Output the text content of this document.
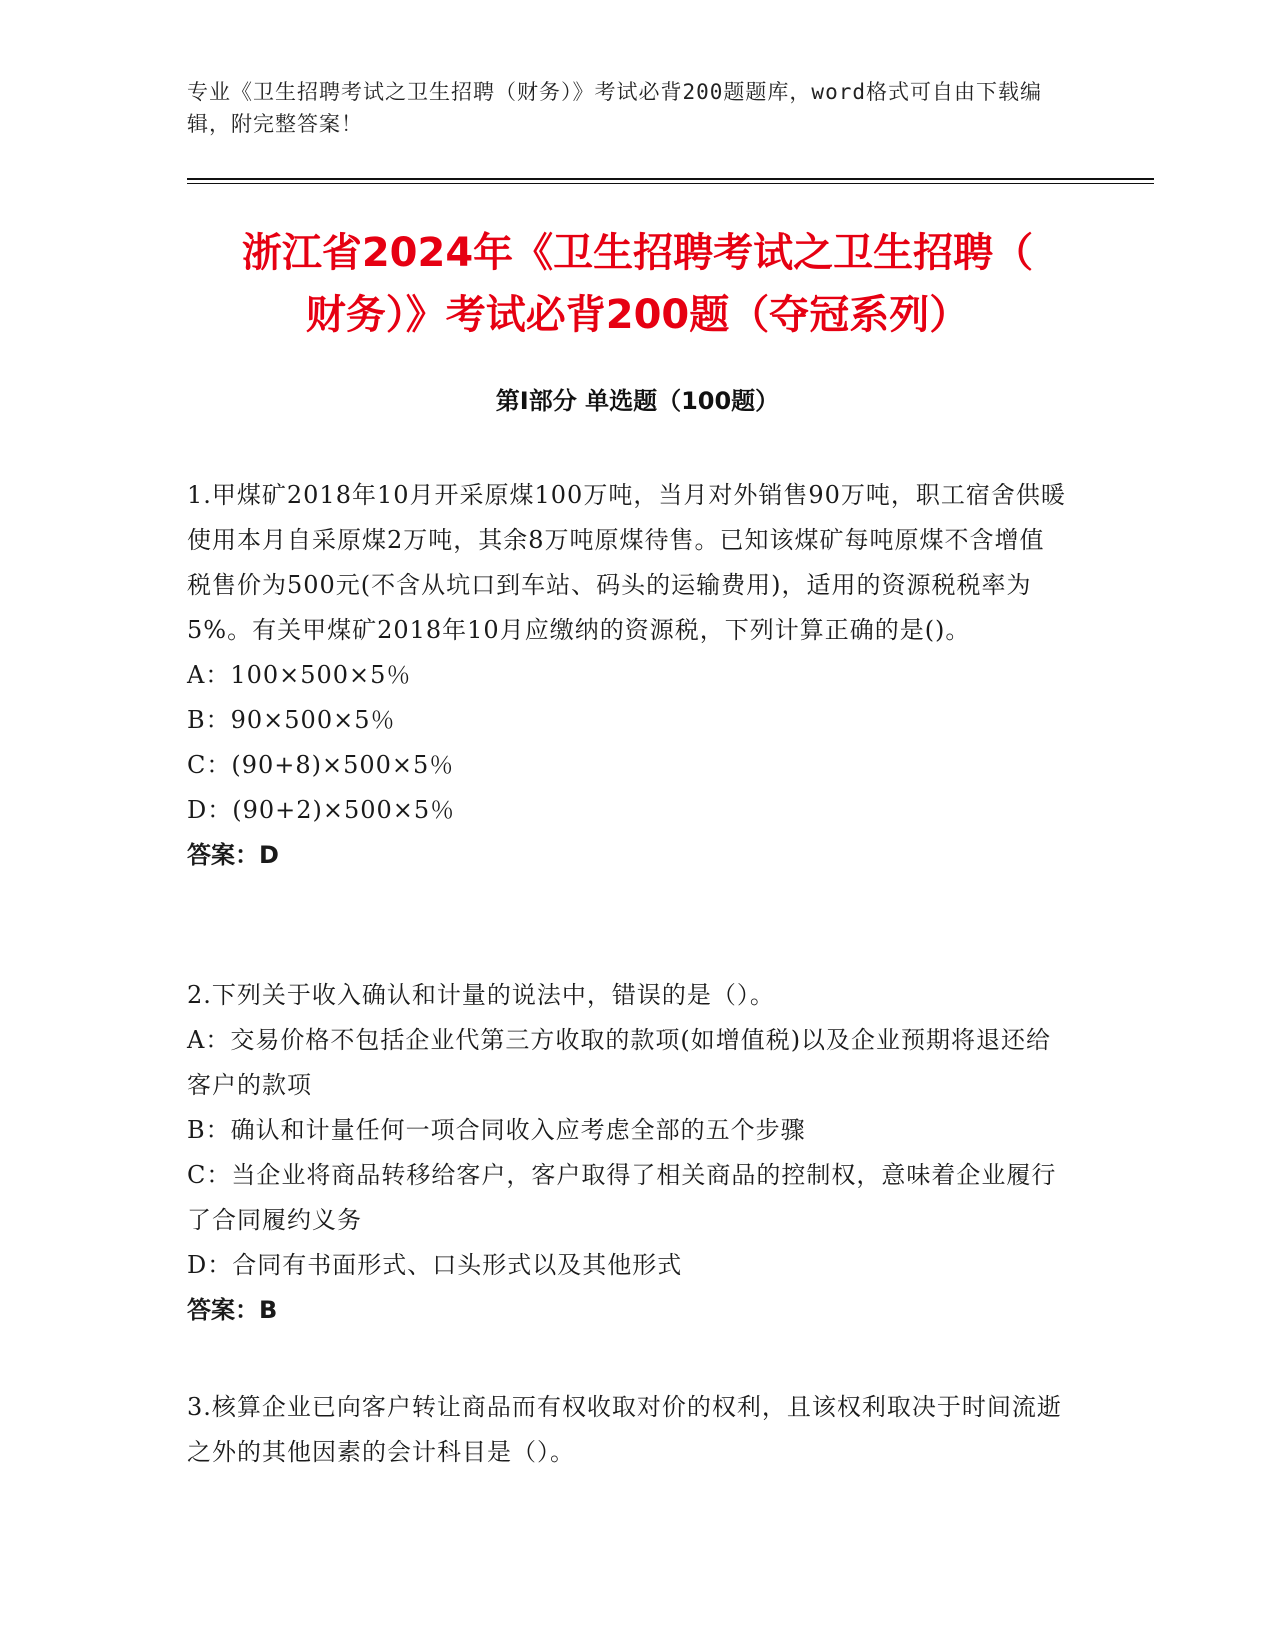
专业《卫生招聘考试之卫生招聘（财务）》考试必背200题题库，word格式可自由下载编辑，附完整答案！
浙江省2024年《卫生招聘考试之卫生招聘（
财务）》考试必背200题（夺冠系列）
第Ⅰ部分 单选题（100题）

1.甲煤矿2018年10月开采原煤100万吨，当月对外销售90万吨，职工宿舍供暖使用本月自采原煤2万吨，其余8万吨原煤待售。已知该煤矿每吨原煤不含增值税售价为500元(不含从坑口到车站、码头的运输费用)，适用的资源税税率为5%。有关甲煤矿2018年10月应缴纳的资源税，下列计算正确的是()。

A：100×500×5％

B：90×500×5％

C：(90+8)×500×5％

D：(90+2)×500×5％

答案：D

2.下列关于收入确认和计量的说法中，错误的是（）。

A：交易价格不包括企业代第三方收取的款项(如增值税)以及企业预期将退还给客户的款项

B：确认和计量任何一项合同收入应考虑全部的五个步骤

C：当企业将商品转移给客户，客户取得了相关商品的控制权，意味着企业履行了合同履约义务

D：合同有书面形式、口头形式以及其他形式

答案：B

3.核算企业已向客户转让商品而有权收取对价的权利，且该权利取决于时间流逝之外的其他因素的会计科目是（）。
